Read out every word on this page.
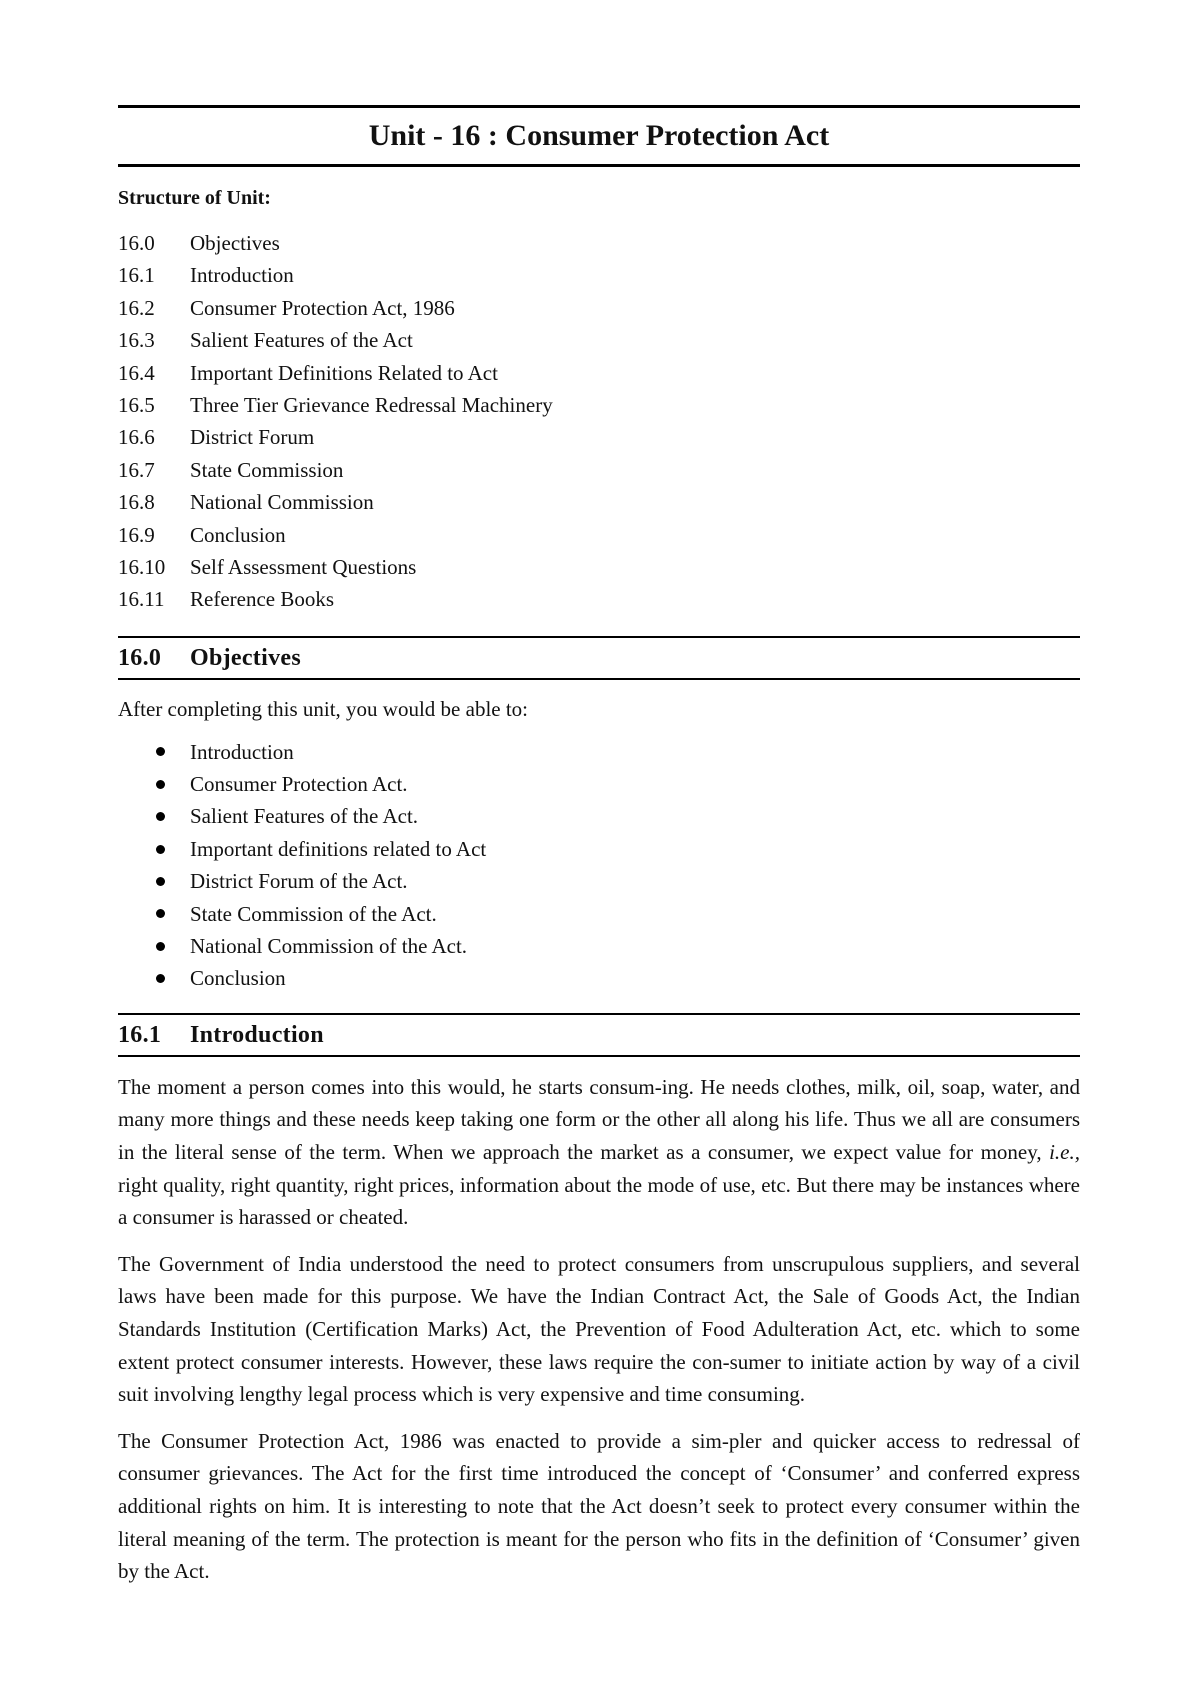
Unit - 16 : Consumer Protection Act
Structure of Unit:
16.0	Objectives
16.1	Introduction
16.2	Consumer Protection Act, 1986
16.3	Salient Features of the Act
16.4	Important Definitions Related to Act
16.5	Three Tier Grievance Redressal Machinery
16.6	District Forum
16.7	State Commission
16.8	National Commission
16.9	Conclusion
16.10	Self Assessment Questions
16.11	Reference Books
16.0	Objectives
After completing this unit, you would be able to:
Introduction
Consumer Protection Act.
Salient Features of the Act.
Important definitions related to Act
District Forum of the Act.
State Commission of the Act.
National Commission of the Act.
Conclusion
16.1	Introduction

The moment a person comes into this would, he starts consum-ing. He needs clothes, milk, oil, soap, water, and many more things and these needs keep taking one form or the other all along his life. Thus we all are consumers in the literal sense of the term. When we approach the market as a consumer, we expect value for money, i.e., right quality, right quantity, right prices, information about the mode of use, etc. But there may be instances where a consumer is harassed or cheated.

The Government of India understood the need to protect consumers from unscrupulous suppliers, and several laws have been made for this purpose. We have the Indian Contract Act, the Sale of Goods Act, the Indian Standards Institution (Certification Marks) Act, the Prevention of Food Adulteration Act, etc. which to some extent protect consumer interests. However, these laws require the con-sumer to initiate action by way of a civil suit involving lengthy legal process which is very expensive and time consuming.

The Consumer Protection Act, 1986 was enacted to provide a sim-pler and quicker access to redressal of consumer grievances. The Act for the first time introduced the concept of ‘Consumer’ and conferred express additional rights on him. It is interesting to note that the Act doesn’t seek to protect every consumer within the literal meaning of the term. The protection is meant for the person who fits in the definition of ‘Consumer’ given by the Act.
